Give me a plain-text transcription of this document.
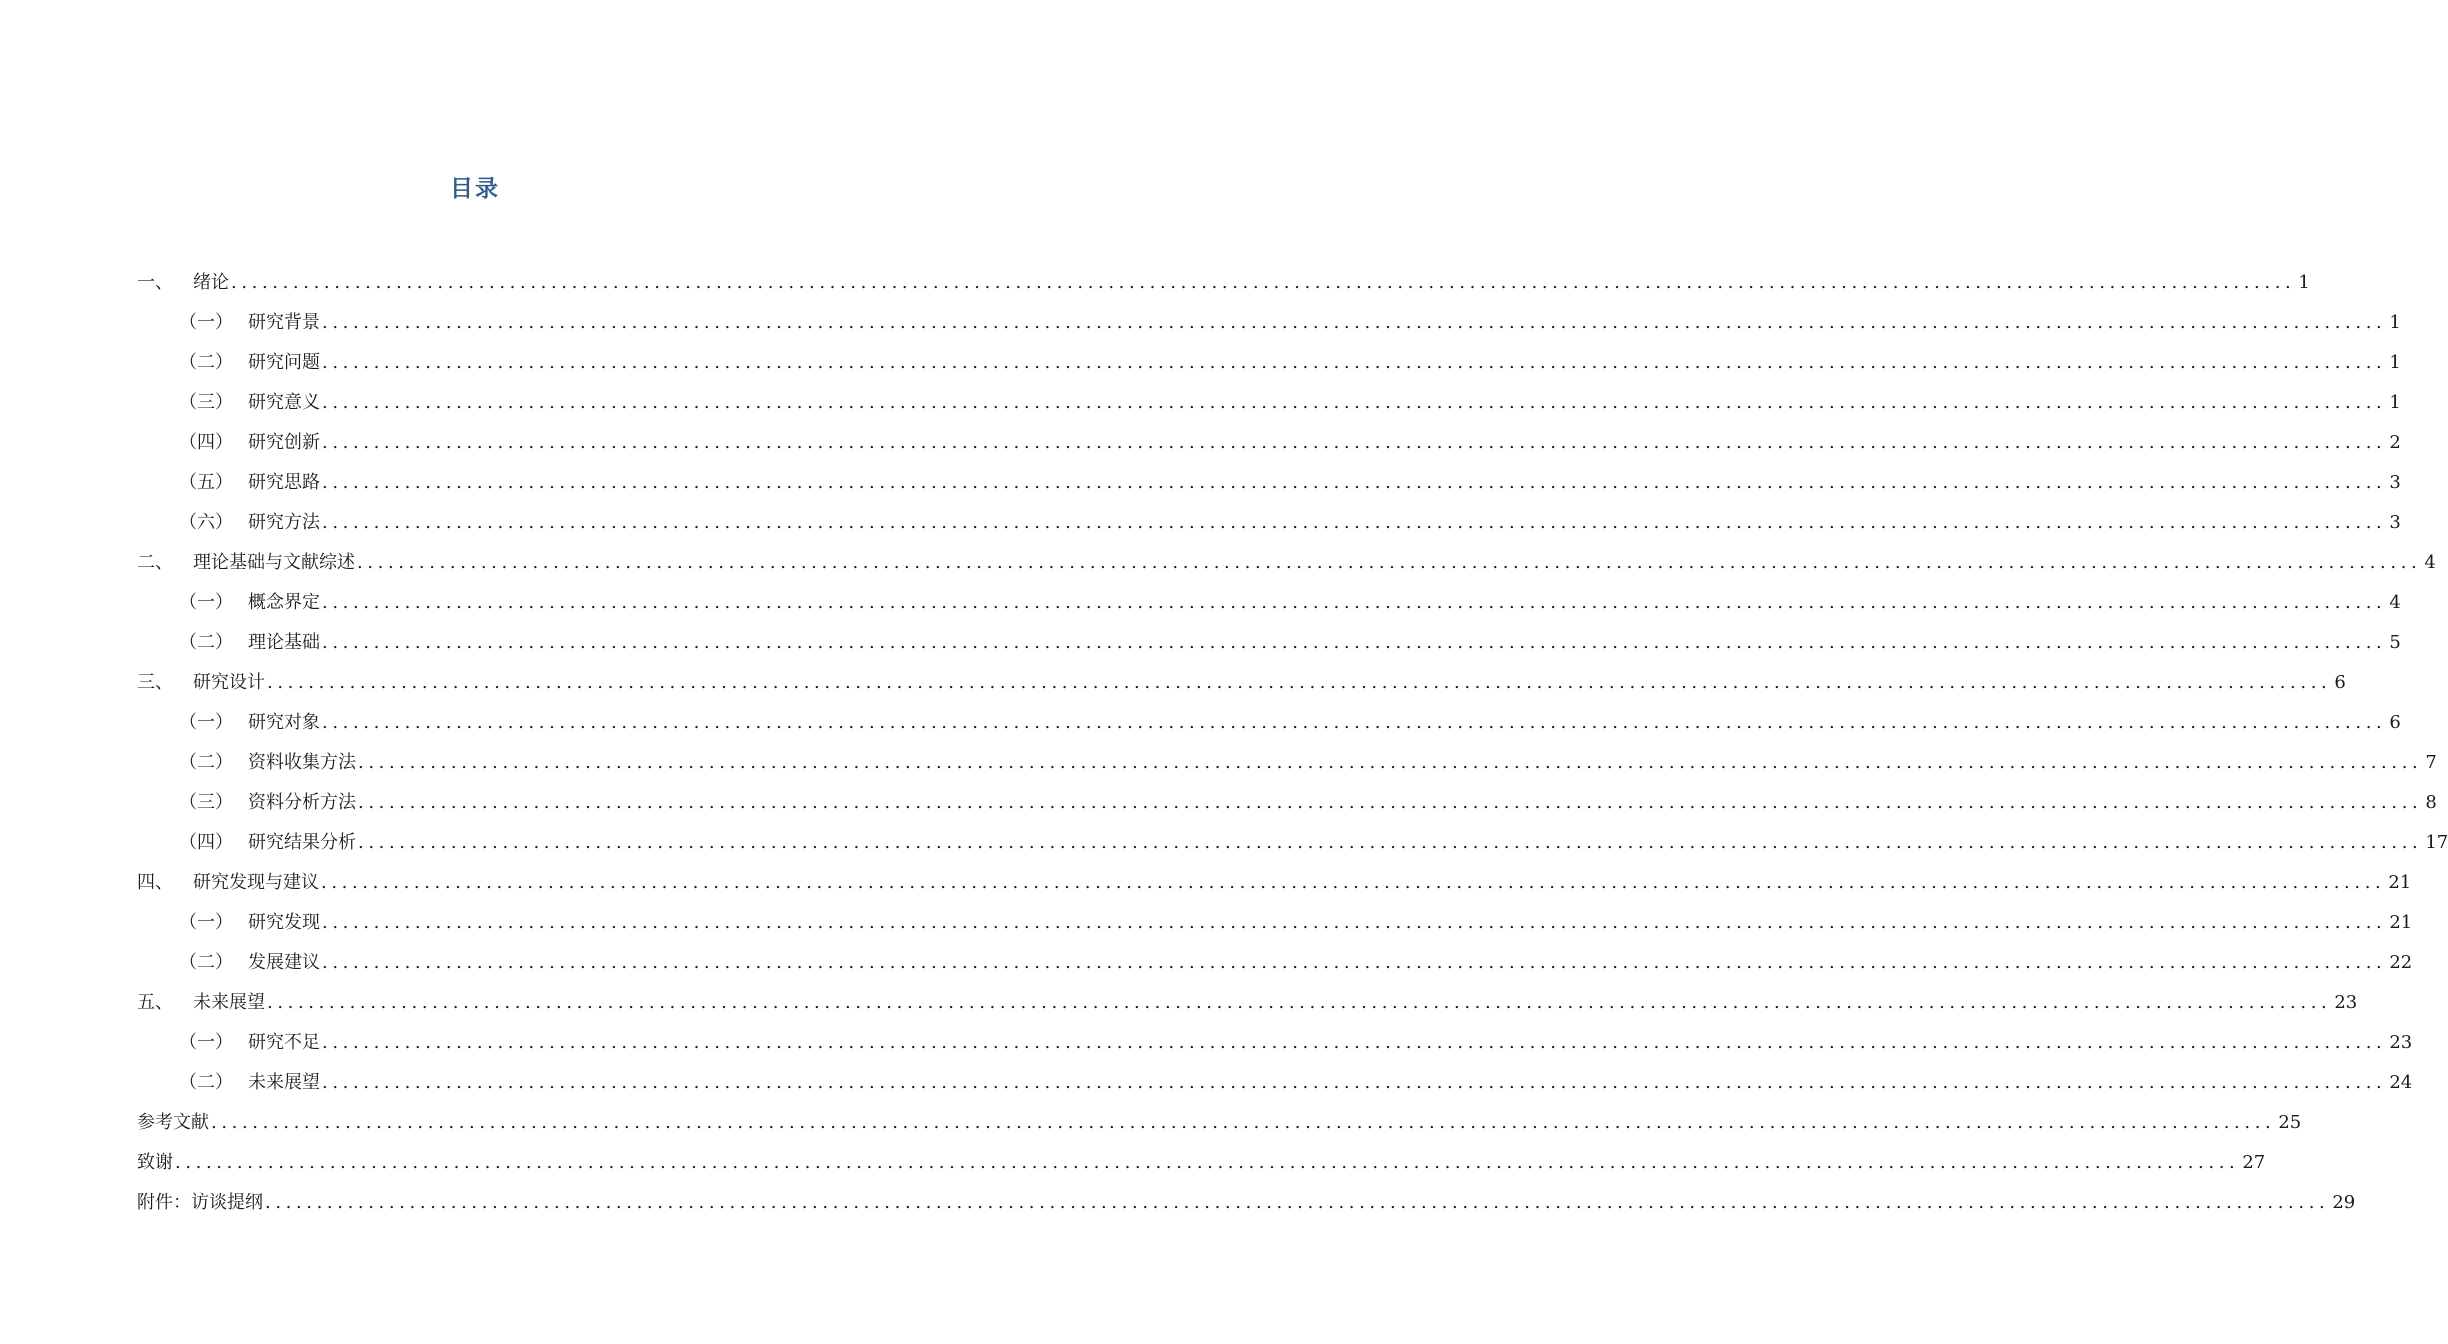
目录
一、	绪论 ........................................................................................................................................................................................................ 1
（一） 研究背景 ........................................................................................................................................................................................................ 1
（二） 研究问题 ........................................................................................................................................................................................................ 1
（三） 研究意义 ........................................................................................................................................................................................................ 1
（四） 研究创新 ........................................................................................................................................................................................................ 2
（五） 研究思路 ........................................................................................................................................................................................................ 3
（六） 研究方法 ........................................................................................................................................................................................................ 3
二、	理论基础与文献综述 ........................................................................................................................................................................................................ 4
（一） 概念界定 ........................................................................................................................................................................................................ 4
（二） 理论基础 ........................................................................................................................................................................................................ 5
三、	研究设计 ........................................................................................................................................................................................................ 6
（一） 研究对象 ........................................................................................................................................................................................................ 6
（二） 资料收集方法 ........................................................................................................................................................................................................ 7
（三） 资料分析方法 ........................................................................................................................................................................................................ 8
（四） 研究结果分析 ........................................................................................................................................................................................................ 17
四、	研究发现与建议 ........................................................................................................................................................................................................ 21
（一） 研究发现 ........................................................................................................................................................................................................ 21
（二） 发展建议 ........................................................................................................................................................................................................ 22
五、	未来展望 ........................................................................................................................................................................................................ 23
（一） 研究不足 ........................................................................................................................................................................................................ 23
（二） 未来展望 ........................................................................................................................................................................................................ 24
参考文献 ........................................................................................................................................................................................................ 25
致谢 ........................................................................................................................................................................................................ 27
附件：访谈提纲 ........................................................................................................................................................................................................ 29
